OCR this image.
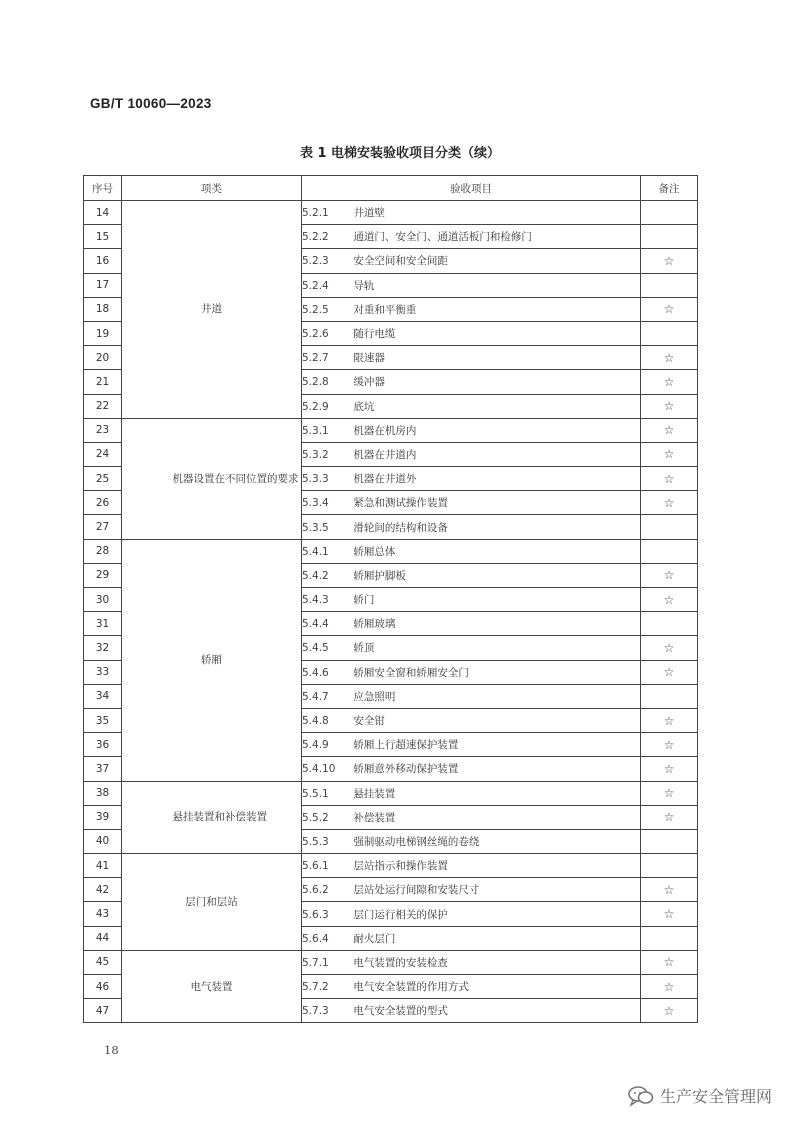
GB/T 10060—2023
表 1 电梯安装验收项目分类（续）
序号	项类	验收项目	备注
14	井道	5.2.1 井道壁	
15		5.2.2 通道门、安全门、通道活板门和检修门	
16		5.2.3 安全空间和安全间距	☆
17		5.2.4 导轨	
18		5.2.5 对重和平衡重	☆
19		5.2.6 随行电缆	
20		5.2.7 限速器	☆
21		5.2.8 缓冲器	☆
22		5.2.9 底坑	☆
23	机器设置在不同位置的要求	5.3.1 机器在机房内	☆
24		5.3.2 机器在井道内	☆
25		5.3.3 机器在井道外	☆
26		5.3.4 紧急和测试操作装置	☆
27		5.3.5 滑轮间的结构和设备	
28	轿厢	5.4.1 轿厢总体	
29		5.4.2 轿厢护脚板	☆
30		5.4.3 轿门	☆
31		5.4.4 轿厢玻璃	
32		5.4.5 轿顶	☆
33		5.4.6 轿厢安全窗和轿厢安全门	☆
34		5.4.7 应急照明	
35		5.4.8 安全钳	☆
36		5.4.9 轿厢上行超速保护装置	☆
37		5.4.10 轿厢意外移动保护装置	☆
38	悬挂装置和补偿装置	5.5.1 悬挂装置	☆
39		5.5.2 补偿装置	☆
40		5.5.3 强制驱动电梯钢丝绳的卷绕	
41	层门和层站	5.6.1 层站指示和操作装置	
42		5.6.2 层站处运行间隙和安装尺寸	☆
43		5.6.3 层门运行相关的保护	☆
44		5.6.4 耐火层门	
45	电气装置	5.7.1 电气装置的安装检查	☆
46		5.7.2 电气安全装置的作用方式	☆
47		5.7.3 电气安全装置的型式	☆
18
生产安全管理网
